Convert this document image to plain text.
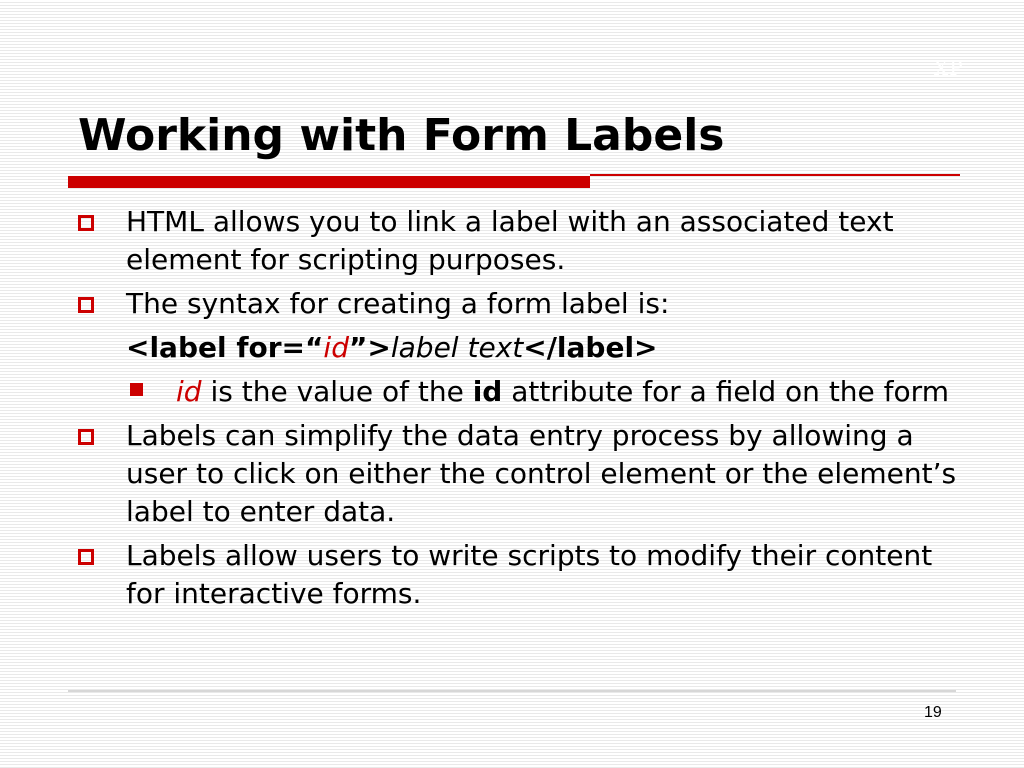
XP
Working with Form Labels
HTML allows you to link a label with an associated text element for scripting purposes.
The syntax for creating a form label is:
<label for=“id”>label text</label>
id is the value of the id attribute for a field on the form
Labels can simplify the data entry process by allowing a user to click on either the control element or the element’s label to enter data.
Labels allow users to write scripts to modify their content for interactive forms.
19
